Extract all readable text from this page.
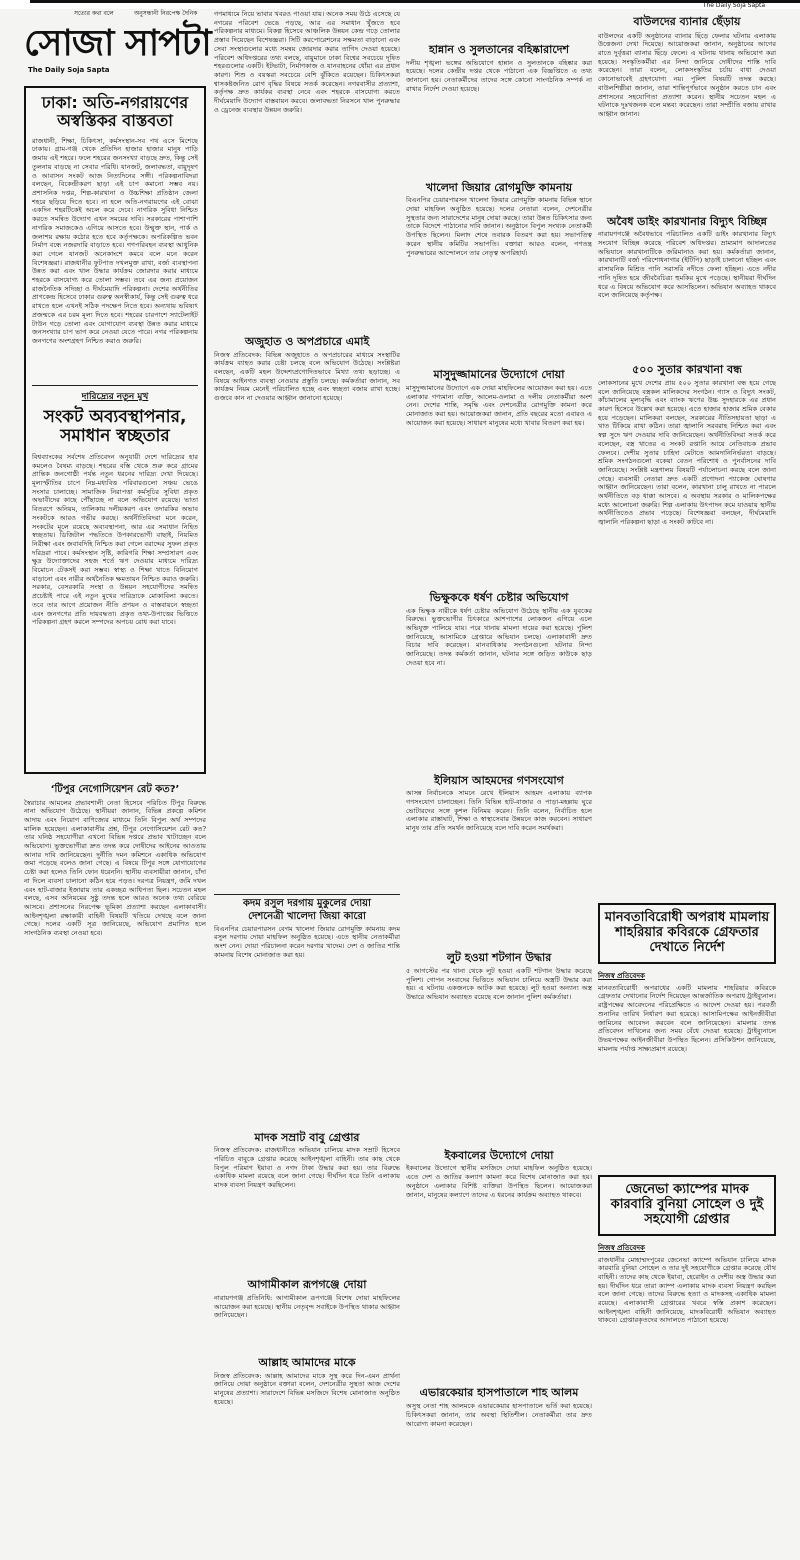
The Daily Soja Sapta
সত্যের কথা বলে	অনুসন্ধানী নিরপেক্ষ দৈনিক
সোজা সাপটা
The Daily Soja Sapta
ঢাকা: অতি-নগরায়ণের অস্বস্তিকর বাস্তবতা

রাজধানী, শিক্ষা, চিকিৎসা, কর্মসংস্থান-সব পথ এসে মিশেছে ঢাকায়। গ্রাম-গঞ্জ থেকে প্রতিদিন হাজার হাজার মানুষ পাড়ি জমায় এই শহরে। ফলে শহরের জনসংখ্যা বাড়ছে দ্রুত, কিন্তু সেই তুলনায় বাড়ছে না সেবার পরিধি। যানজট, জলাবদ্ধতা, বায়ুদূষণ ও আবাসন সংকট আজ নিত্যদিনের সঙ্গী। পরিকল্পনাবিদরা বলছেন, বিকেন্দ্রীকরণ ছাড়া এই চাপ কমানো সম্ভব নয়। প্রশাসনিক দপ্তর, শিল্প-কারখানা ও উচ্চশিক্ষা প্রতিষ্ঠান জেলা শহরে ছড়িয়ে দিতে হবে। না হলে অতি-নগরায়ণের এই বোঝা একদিন শহরটিকেই অচল করে দেবে। নাগরিক সুবিধা নিশ্চিত করতে সমন্বিত উদ্যোগ এখন সময়ের দাবি। সরকারের পাশাপাশি নাগরিক সমাজকেও এগিয়ে আসতে হবে। উন্মুক্ত স্থান, পার্ক ও জলাশয় রক্ষায় কঠোর হতে হবে কর্তৃপক্ষকে। অপরিকল্পিত ভবন নির্মাণ বন্ধে নজরদারি বাড়াতে হবে। গণপরিবহন ব্যবস্থা আধুনিক করা গেলে যানজট অনেকাংশে কমবে বলে মনে করেন বিশেষজ্ঞরা। রাজধানীর ফুটপাত দখলমুক্ত রাখা, বর্জ্য ব্যবস্থাপনা উন্নত করা এবং খাল উদ্ধার কার্যক্রম জোরদার করার মাধ্যমে শহরকে বাসযোগ্য করে তোলা সম্ভব। তবে এর জন্য প্রয়োজন রাজনৈতিক সদিচ্ছা ও দীর্ঘমেয়াদি পরিকল্পনা। দেশের অর্থনীতির প্রাণকেন্দ্র হিসেবে ঢাকার গুরুত্ব অনস্বীকার্য, কিন্তু সেই গুরুত্ব ধরে রাখতে হলে এখনই সঠিক পদক্ষেপ নিতে হবে। অন্যথায় ভবিষ্যৎ প্রজন্মকে এর চরম মূল্য দিতে হবে। শহরের চারপাশে স্যাটেলাইট টাউন গড়ে তোলা এবং যোগাযোগ ব্যবস্থা উন্নত করার মাধ্যমে জনসংখ্যার চাপ ভাগ করে নেওয়া যেতে পারে। নগর পরিকল্পনায় জনগণের অংশগ্রহণ নিশ্চিত করাও জরুরি।

দারিদ্র্যের নতুন মুখ
সংকট অব্যবস্থাপনার, সমাধান স্বচ্ছতার

বিশ্বব্যাংকের সর্বশেষ প্রতিবেদন অনুযায়ী দেশে দারিদ্র্যের হার কমলেও বৈষম্য বাড়ছে। শহরের বস্তি থেকে শুরু করে গ্রামের প্রান্তিক জনগোষ্ঠী পর্যন্ত নতুন ধরনের দারিদ্র্য দেখা দিয়েছে। মূল্যস্ফীতির চাপে নিম্ন-মধ্যবিত্ত পরিবারগুলো সঞ্চয় ভেঙে সংসার চালাচ্ছে। সামাজিক নিরাপত্তা কর্মসূচির সুবিধা প্রকৃত অভাবীদের কাছে পৌঁছাচ্ছে না বলে অভিযোগ রয়েছে। ভাতা বিতরণে অনিয়ম, তালিকায় দলীয়করণ এবং তদারকির অভাব সংকটকে আরও গভীর করছে। অর্থনীতিবিদরা মনে করেন, সংকটের মূলে রয়েছে অব্যবস্থাপনা, আর এর সমাধান নিহিত স্বচ্ছতায়। ডিজিটাল পদ্ধতিতে উপকারভোগী বাছাই, নিয়মিত নিরীক্ষা এবং জবাবদিহি নিশ্চিত করা গেলে বরাদ্দের সুফল প্রকৃত দরিদ্ররা পাবে। কর্মসংস্থান সৃষ্টি, কারিগরি শিক্ষা সম্প্রসারণ এবং ক্ষুদ্র উদ্যোক্তাদের সহজ শর্তে ঋণ দেওয়ার মাধ্যমে দারিদ্র্য বিমোচন টেকসই করা সম্ভব। স্বাস্থ্য ও শিক্ষা খাতে বিনিয়োগ বাড়ানো এবং নারীর অর্থনৈতিক ক্ষমতায়ন নিশ্চিত করাও জরুরি। সরকার, বেসরকারি সংস্থা ও উন্নয়ন সহযোগীদের সমন্বিত প্রচেষ্টাই পারে এই নতুন মুখের দারিদ্র্যকে মোকাবিলা করতে। তবে তার আগে প্রয়োজন নীতি প্রণয়ন ও বাস্তবায়নে স্বচ্ছতা এবং জনগণের প্রতি দায়বদ্ধতা। প্রকৃত তথ্য-উপাত্তের ভিত্তিতে পরিকল্পনা গ্রহণ করলে সম্পদের অপচয় রোধ করা যাবে।

‘টিপুর নেগোসিয়েশন রেট কত?’

স্বৈরাচার আমলের প্রভাবশালী নেতা হিসেবে পরিচিত টিপুর বিরুদ্ধে নানা অভিযোগ উঠেছে। স্থানীয়রা জানান, বিভিন্ন প্রকল্পে কমিশন আদায় এবং নিয়োগ বাণিজ্যের মাধ্যমে তিনি বিপুল অর্থ সম্পদের মালিক হয়েছেন। এলাকাবাসীর প্রশ্ন, টিপুর নেগোসিয়েশন রেট কত? তার ঘনিষ্ঠ সহযোগীরা এখনো বিভিন্ন দপ্তরে প্রভাব খাটাচ্ছেন বলে অভিযোগ। ভুক্তভোগীরা দ্রুত তদন্ত করে দোষীদের আইনের আওতায় আনার দাবি জানিয়েছেন। দুর্নীতি দমন কমিশনে একাধিক অভিযোগ জমা পড়েছে বলেও জানা গেছে। এ বিষয়ে টিপুর সঙ্গে যোগাযোগের চেষ্টা করা হলেও তিনি ফোন ধরেননি। স্থানীয় ব্যবসায়ীরা জানান, চাঁদা না দিলে ব্যবসা চালানো কঠিন হয়ে পড়ত। দরপত্র নিয়ন্ত্রণ, জমি দখল এবং হাট-বাজার ইজারায় তার একচ্ছত্র আধিপত্য ছিল। সচেতন মহল বলছে, এসব অনিয়মের সুষ্ঠু তদন্ত হলে আরও অনেক তথ্য বেরিয়ে আসবে। প্রশাসনের নিরপেক্ষ ভূমিকা প্রত্যাশা করছেন এলাকাবাসী। আইনশৃঙ্খলা রক্ষাকারী বাহিনী বিষয়টি খতিয়ে দেখছে বলে জানা গেছে। দলের একটি সূত্র জানিয়েছে, অভিযোগ প্রমাণিত হলে সাংগঠনিক ব্যবস্থা নেওয়া হবে।

গণমাধ্যমে নিয়ে ভাবার খবরও পাওয়া যায়। অনেক সময় উঠে এসেছে যে নগরের পরিবেশ ভেঙে পড়ছে, আর এর সমাধান খুঁজতে হবে পরিকল্পনার মাধ্যমে। বিকল্প হিসেবে আঞ্চলিক উন্নয়ন কেন্দ্র গড়ে তোলার প্রস্তাব দিয়েছেন বিশেষজ্ঞরা। সিটি করপোরেশনের সক্ষমতা বাড়ানো এবং সেবা সংস্থাগুলোর মধ্যে সমন্বয় জোরদার করার তাগিদ দেওয়া হয়েছে। পরিবেশ অধিদপ্তরের তথ্য বলছে, বায়ুমানে ঢাকা বিশ্বের সবচেয়ে দূষিত শহরগুলোর একটি। ইটভাটা, নির্মাণকাজ ও যানবাহনের ধোঁয়া এর প্রধান কারণ। শিশু ও বয়স্করা সবচেয়ে বেশি ঝুঁকিতে রয়েছেন। চিকিৎসকরা শ্বাসকষ্টজনিত রোগ বৃদ্ধির বিষয়ে সতর্ক করেছেন। নগরবাসীর প্রত্যাশা, কর্তৃপক্ষ দ্রুত কার্যকর ব্যবস্থা নেবে এবং শহরকে বাসযোগ্য করতে দীর্ঘমেয়াদি উদ্যোগ বাস্তবায়ন করবে। জলাবদ্ধতা নিরসনে খাল পুনরুদ্ধার ও ড্রেনেজ ব্যবস্থার উন্নয়ন জরুরি।

অজুহাত ও অপপ্রচারে এমাই

নিজস্ব প্রতিবেদক: বিভিন্ন অজুহাতে ও অপপ্রচারের মাধ্যমে সংস্থাটির কার্যক্রম ব্যাহত করার চেষ্টা চলছে বলে অভিযোগ উঠেছে। সংশ্লিষ্টরা বলছেন, একটি মহল উদ্দেশ্যপ্রণোদিতভাবে মিথ্যা তথ্য ছড়াচ্ছে। এ বিষয়ে আইনগত ব্যবস্থা নেওয়ার প্রস্তুতি চলছে। কর্মকর্তারা জানান, সব কার্যক্রম নিয়ম মেনেই পরিচালিত হচ্ছে এবং স্বচ্ছতা বজায় রাখা হচ্ছে। গুজবে কান না দেওয়ার আহ্বান জানানো হয়েছে।

কদম রসুল দরগায় মুকুলের দোয়া
দেশনেত্রী খালেদা জিয়া কারো

বিএনপির চেয়ারপারসন বেগম খালেদা জিয়ার রোগমুক্তি কামনায় কদম রসুল দরগায় দোয়া মাহফিল অনুষ্ঠিত হয়েছে। এতে স্থানীয় নেতাকর্মীরা অংশ নেন। দোয়া পরিচালনা করেন দরগার খাদেম। দেশ ও জাতির শান্তি কামনায় বিশেষ মোনাজাত করা হয়।

মাদক সম্রাট বাবু গ্রেপ্তার

নিজস্ব প্রতিবেদক: রাজধানীতে অভিযান চালিয়ে মাদক সম্রাট হিসেবে পরিচিত বাবুকে গ্রেপ্তার করেছে আইনশৃঙ্খলা বাহিনী। তার কাছ থেকে বিপুল পরিমাণ ইয়াবা ও নগদ টাকা উদ্ধার করা হয়। তার বিরুদ্ধে একাধিক মামলা রয়েছে বলে জানা গেছে। দীর্ঘদিন ধরে তিনি এলাকায় মাদক ব্যবসা নিয়ন্ত্রণ করছিলেন।

আগামীকাল রূপগঞ্জে দোয়া

নারায়ণগঞ্জ প্রতিনিধি: আগামীকাল রূপগঞ্জে বিশেষ দোয়া মাহফিলের আয়োজন করা হয়েছে। স্থানীয় নেতৃবৃন্দ সবাইকে উপস্থিত থাকার আহ্বান জানিয়েছেন।

আল্লাহ আমাদের মাকে

নিজস্ব প্রতিবেদক: আল্লাহ আমাদের মাকে সুস্থ করে দিন-এমন প্রার্থনা জানিয়ে দোয়া অনুষ্ঠানে বক্তারা বলেন, দেশনেত্রীর সুস্থতা আজ দেশের মানুষের প্রত্যাশা। সারাদেশে বিভিন্ন মসজিদে বিশেষ মোনাজাত অনুষ্ঠিত হয়েছে।

হান্নান ও সুলতানের বহিষ্কারাদেশ

দলীয় শৃঙ্খলা ভঙ্গের অভিযোগে হান্নান ও সুলতানকে বহিষ্কার করা হয়েছে। দলের কেন্দ্রীয় দপ্তর থেকে পাঠানো এক বিজ্ঞপ্তিতে এ তথ্য জানানো হয়। নেতাকর্মীদের তাদের সঙ্গে কোনো সাংগঠনিক সম্পর্ক না রাখার নির্দেশ দেওয়া হয়েছে।

খালেদা জিয়ার রোগমুক্তি কামনায়

বিএনপির চেয়ারপারসন খালেদা জিয়ার রোগমুক্তি কামনায় বিভিন্ন স্থানে দোয়া মাহফিল অনুষ্ঠিত হয়েছে। দলের নেতারা বলেন, দেশনেত্রীর সুস্থতার জন্য সারাদেশের মানুষ দোয়া করছে। তারা উন্নত চিকিৎসার জন্য তাকে বিদেশে পাঠানোর দাবি জানান। অনুষ্ঠানে বিপুল সংখ্যক নেতাকর্মী উপস্থিত ছিলেন। মিলাদ শেষে তবারক বিতরণ করা হয়। সভাপতিত্ব করেন স্থানীয় কমিটির সভাপতি। বক্তারা আরও বলেন, গণতন্ত্র পুনরুদ্ধারের আন্দোলনে তার নেতৃত্ব অপরিহার্য।

মাসুদুজ্জামানের উদ্যোগে দোয়া

মাসুদুজ্জামানের উদ্যোগে এক দোয়া মাহফিলের আয়োজন করা হয়। এতে এলাকার গণ্যমান্য ব্যক্তি, আলেম-ওলামা ও দলীয় নেতাকর্মীরা অংশ নেন। দেশের শান্তি, সমৃদ্ধি এবং দেশনেত্রীর রোগমুক্তি কামনা করে মোনাজাত করা হয়। আয়োজকরা জানান, প্রতি বছরের মতো এবারও এ আয়োজন করা হয়েছে। সাধারণ মানুষের মধ্যে খাবার বিতরণ করা হয়।

ভিক্ষুককে ধর্ষণ চেষ্টার অভিযোগ

এক ভিক্ষুক নারীকে ধর্ষণ চেষ্টার অভিযোগ উঠেছে স্থানীয় এক যুবকের বিরুদ্ধে। ভুক্তভোগীর চিৎকারে আশপাশের লোকজন এগিয়ে এলে অভিযুক্ত পালিয়ে যায়। পরে থানায় মামলা দায়ের করা হয়েছে। পুলিশ জানিয়েছে, আসামিকে গ্রেপ্তারে অভিযান চলছে। এলাকাবাসী দ্রুত বিচার দাবি করেছেন। মানবাধিকার সংগঠনগুলো ঘটনার নিন্দা জানিয়েছে। তদন্ত কর্মকর্তা জানান, ঘটনার সঙ্গে জড়িত কাউকে ছাড় দেওয়া হবে না।

ইলিয়াস আহমদের গণসংযোগ

আসন্ন নির্বাচনকে সামনে রেখে ইলিয়াস আহমদ এলাকায় ব্যাপক গণসংযোগ চালাচ্ছেন। তিনি বিভিন্ন হাট-বাজার ও পাড়া-মহল্লায় ঘুরে ভোটারদের সঙ্গে কুশল বিনিময় করেন। তিনি বলেন, নির্বাচিত হলে এলাকার রাস্তাঘাট, শিক্ষা ও স্বাস্থ্যসেবার উন্নয়নে কাজ করবেন। সাধারণ মানুষ তার প্রতি সমর্থন জানিয়েছে বলে দাবি করেন সমর্থকরা।

লুট হওয়া শটগান উদ্ধার

৫ আগস্টের পর থানা থেকে লুট হওয়া একটি শটগান উদ্ধার করেছে পুলিশ। গোপন সংবাদের ভিত্তিতে অভিযান চালিয়ে অস্ত্রটি উদ্ধার করা হয়। এ ঘটনায় একজনকে আটক করা হয়েছে। লুট হওয়া অন্যান্য অস্ত্র উদ্ধারে অভিযান অব্যাহত রয়েছে বলে জানান পুলিশ কর্মকর্তারা।

ইকবালের উদ্যোগে দোয়া

ইকবালের উদ্যোগে স্থানীয় মসজিদে দোয়া মাহফিল অনুষ্ঠিত হয়েছে। এতে দেশ ও জাতির কল্যাণ কামনা করে বিশেষ মোনাজাত করা হয়। অনুষ্ঠানে এলাকার বিশিষ্ট ব্যক্তিরা উপস্থিত ছিলেন। আয়োজকরা জানান, মানুষের কল্যাণে তাদের এ ধরনের কার্যক্রম অব্যাহত থাকবে।

এভারকেয়ার হাসপাতালে শাহ আলম

অসুস্থ নেতা শাহ আলমকে এভারকেয়ার হাসপাতালে ভর্তি করা হয়েছে। চিকিৎসকরা জানান, তার অবস্থা স্থিতিশীল। নেতাকর্মীরা তার দ্রুত আরোগ্য কামনা করেছেন।

বাউলদের ব্যানার ছেঁড়ায়

বাউলদের একটি অনুষ্ঠানের ব্যানার ছিঁড়ে ফেলার ঘটনায় এলাকায় উত্তেজনা দেখা দিয়েছে। আয়োজকরা জানান, অনুষ্ঠানের আগের রাতে দুর্বৃত্তরা ব্যানার ছিঁড়ে ফেলে। এ ঘটনায় থানায় অভিযোগ করা হয়েছে। সংস্কৃতিকর্মীরা এর নিন্দা জানিয়ে দোষীদের শাস্তি দাবি করেছেন। তারা বলেন, লোকসংস্কৃতির চর্চায় বাধা দেওয়া কোনোভাবেই গ্রহণযোগ্য নয়। পুলিশ বিষয়টি তদন্ত করছে। বাউলশিল্পীরা জানান, তারা শান্তিপূর্ণভাবে অনুষ্ঠান করতে চান এবং প্রশাসনের সহযোগিতা প্রত্যাশা করেন। স্থানীয় সচেতন মহল এ ঘটনাকে দুঃখজনক বলে মন্তব্য করেছেন। তারা সম্প্রীতি বজায় রাখার আহ্বান জানান।

অবৈধ ডাইং কারখানার বিদ্যুৎ বিচ্ছিন্ন

নারায়ণগঞ্জে অবৈধভাবে পরিচালিত একটি ডাইং কারখানার বিদ্যুৎ সংযোগ বিচ্ছিন্ন করেছে পরিবেশ অধিদপ্তর। ভ্রাম্যমাণ আদালতের অভিযানে কারখানাটিকে জরিমানাও করা হয়। কর্মকর্তারা জানান, কারখানাটি বর্জ্য পরিশোধনাগার (ইটিপি) ছাড়াই চালানো হচ্ছিল এবং রাসায়নিক মিশ্রিত পানি সরাসরি নদীতে ফেলা হচ্ছিল। এতে নদীর পানি দূষিত হয়ে জীববৈচিত্র্য হুমকির মুখে পড়েছে। স্থানীয়রা দীর্ঘদিন ধরে এ বিষয়ে অভিযোগ করে আসছিলেন। অভিযান অব্যাহত থাকবে বলে জানিয়েছে কর্তৃপক্ষ।

৫০০ সুতার কারখানা বন্ধ

লোকসানের মুখে দেশের প্রায় ৫০০ সুতার কারখানা বন্ধ হয়ে গেছে বলে জানিয়েছে বস্ত্রকল মালিকদের সংগঠন। গ্যাস ও বিদ্যুৎ সংকট, কাঁচামালের মূল্যবৃদ্ধি এবং ব্যাংক ঋণের উচ্চ সুদহারকে এর প্রধান কারণ হিসেবে উল্লেখ করা হয়েছে। এতে হাজার হাজার শ্রমিক বেকার হয়ে পড়েছেন। মালিকরা বলছেন, সরকারের নীতিসহায়তা ছাড়া এ খাত টিকিয়ে রাখা কঠিন। তারা জ্বালানি সরবরাহ নিশ্চিত করা এবং স্বল্প সুদে ঋণ দেওয়ার দাবি জানিয়েছেন। অর্থনীতিবিদরা সতর্ক করে বলেছেন, বস্ত্র খাতের এ সংকট রপ্তানি আয়ে নেতিবাচক প্রভাব ফেলবে। দেশীয় সুতার চাহিদা মেটাতে আমদানিনির্ভরতা বাড়ছে। শ্রমিক সংগঠনগুলো বকেয়া বেতন পরিশোধ ও পুনর্বাসনের দাবি জানিয়েছে। সংশ্লিষ্ট মন্ত্রণালয় বিষয়টি পর্যালোচনা করছে বলে জানা গেছে। ব্যবসায়ী নেতারা দ্রুত একটি প্রণোদনা প্যাকেজ ঘোষণার আহ্বান জানিয়েছেন। তারা বলেন, কারখানা চালু রাখতে না পারলে অর্থনীতিতে বড় ধাক্কা আসবে। এ অবস্থায় সরকার ও মালিকপক্ষের মধ্যে আলোচনা জরুরি। শিল্প এলাকায় উৎপাদন কমে যাওয়ায় স্থানীয় অর্থনীতিতেও প্রভাব পড়েছে। বিশেষজ্ঞরা বলছেন, দীর্ঘমেয়াদি জ্বালানি পরিকল্পনা ছাড়া এ সংকট কাটবে না।

মানবতাবিরোধী অপরাধ মামলায় শাহরিয়ার কবিরকে গ্রেফতার দেখাতে নির্দেশ
নিজস্ব প্রতিবেদক

মানবতাবিরোধী অপরাধের একটি মামলায় শাহরিয়ার কবিরকে গ্রেফতার দেখানোর নির্দেশ দিয়েছেন আন্তর্জাতিক অপরাধ ট্রাইব্যুনাল। রাষ্ট্রপক্ষের আবেদনের পরিপ্রেক্ষিতে এ আদেশ দেওয়া হয়। পরবর্তী শুনানির তারিখ নির্ধারণ করা হয়েছে। আসামিপক্ষের আইনজীবীরা জামিনের আবেদন করবেন বলে জানিয়েছেন। মামলার তদন্ত প্রতিবেদন দাখিলের জন্য সময় বেঁধে দেওয়া হয়েছে। ট্রাইব্যুনালে উভয়পক্ষের আইনজীবীরা উপস্থিত ছিলেন। প্রসিকিউশন জানিয়েছে, মামলায় পর্যাপ্ত সাক্ষ্যপ্রমাণ রয়েছে।

জেনেভা ক্যাম্পের মাদক কারবারি বুনিয়া সোহেল ও দুই সহযোগী গ্রেপ্তার
নিজস্ব প্রতিবেদক

রাজধানীর মোহাম্মদপুরের জেনেভা ক্যাম্পে অভিযান চালিয়ে মাদক কারবারি বুনিয়া সোহেল ও তার দুই সহযোগীকে গ্রেপ্তার করেছে যৌথ বাহিনী। তাদের কাছ থেকে ইয়াবা, হেরোইন ও দেশীয় অস্ত্র উদ্ধার করা হয়। দীর্ঘদিন ধরে তারা ক্যাম্প এলাকায় মাদক ব্যবসা নিয়ন্ত্রণ করছিল বলে জানা গেছে। তাদের বিরুদ্ধে হত্যা ও মাদকসহ একাধিক মামলা রয়েছে। এলাকাবাসী গ্রেপ্তারের খবরে স্বস্তি প্রকাশ করেছেন। আইনশৃঙ্খলা বাহিনী জানিয়েছে, মাদকবিরোধী অভিযান অব্যাহত থাকবে। গ্রেপ্তারকৃতদের আদালতে পাঠানো হয়েছে।
